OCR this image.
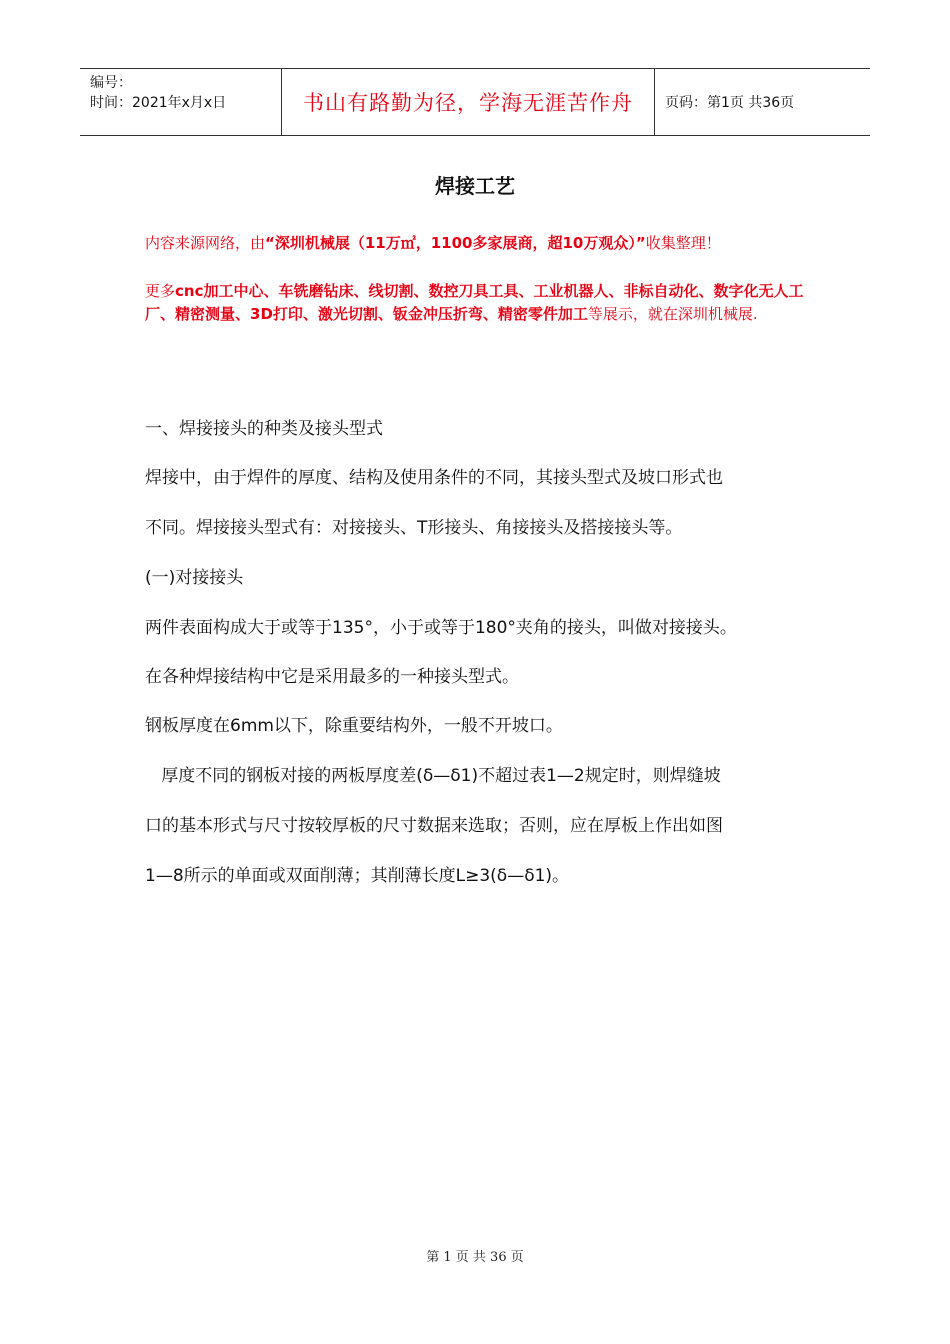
编号：
时间：2021年x月x日	书山有路勤为径，学海无涯苦作舟 页码：第1页 共36页
焊接工艺
内容来源网络，由“深圳机械展（11万㎡，1100多家展商，超10万观众）”收集整理！
更多cnc加工中心、车铣磨钻床、线切割、数控刀具工具、工业机器人、非标自动化、数字化无人工厂、精密测量、3D打印、激光切割、钣金冲压折弯、精密零件加工等展示，就在深圳机械展.
一、焊接接头的种类及接头型式
焊接中，由于焊件的厚度、结构及使用条件的不同，其接头型式及坡口形式也
不同。焊接接头型式有：对接接头、T形接头、角接接头及搭接接头等。
(一)对接接头
两件表面构成大于或等于135°，小于或等于180°夹角的接头，叫做对接接头。
在各种焊接结构中它是采用最多的一种接头型式。
钢板厚度在6mm以下，除重要结构外，一般不开坡口。
厚度不同的钢板对接的两板厚度差(δ—δ1)不超过表1—2规定时，则焊缝坡
口的基本形式与尺寸按较厚板的尺寸数据来选取；否则，应在厚板上作出如图
1—8所示的单面或双面削薄；其削薄长度L≥3(δ—δ1)。
第 1 页 共 36 页
